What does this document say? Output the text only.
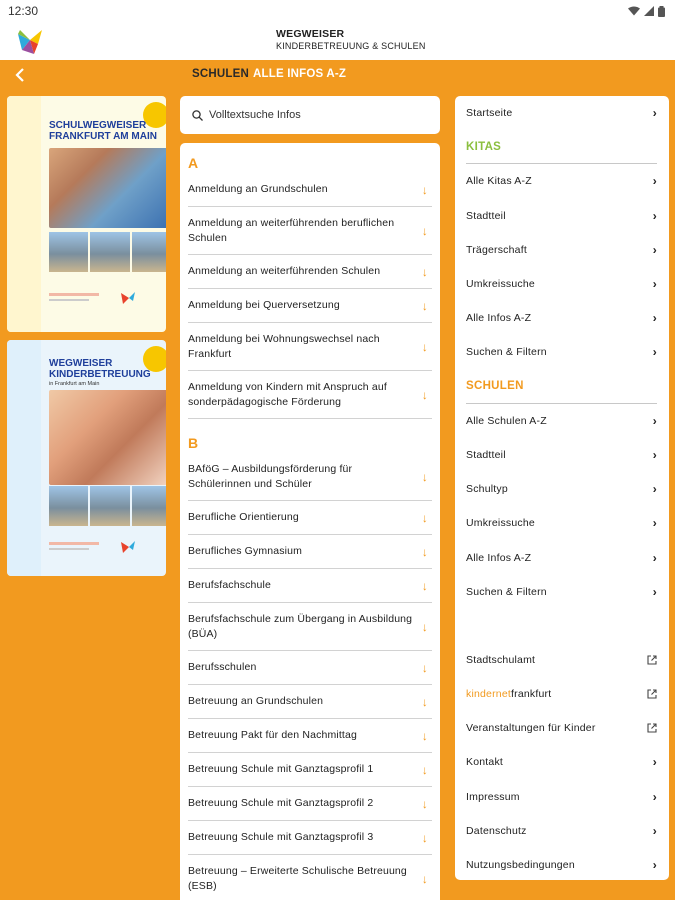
12:30
WEGWEISER
KINDERBETREUUNG & SCHULEN
SCHULEN ALLE INFOS A-Z
SCHULWEGWEISER
FRANKFURT AM MAIN
WEGWEISER
KINDERBETREUUNG
in Frankfurt am Main
Volltextsuche Infos
A
Anmeldung an Grundschulen	↓
Anmeldung an weiterführenden beruflichen Schulen	↓
Anmeldung an weiterführenden Schulen	↓
Anmeldung bei Querversetzung	↓
Anmeldung bei Wohnungswechsel nach Frankfurt	↓
Anmeldung von Kindern mit Anspruch auf sonderpädagogische Förderung	↓
B
BAföG – Ausbildungsförderung für Schülerinnen und Schüler	↓
Berufliche Orientierung	↓
Berufliches Gymnasium	↓
Berufsfachschule	↓
Berufsfachschule zum Übergang in Ausbildung (BÜA)	↓
Berufsschulen	↓
Betreuung an Grundschulen	↓
Betreuung Pakt für den Nachmittag	↓
Betreuung Schule mit Ganztagsprofil 1	↓
Betreuung Schule mit Ganztagsprofil 2	↓
Betreuung Schule mit Ganztagsprofil 3	↓
Betreuung – Erweiterte Schulische Betreuung (ESB)	↓
Startseite	›
KITAS
Alle Kitas A-Z	›
Stadtteil	›
Trägerschaft	›
Umkreissuche	›
Alle Infos A-Z	›
Suchen & Filtern	›
SCHULEN
Alle Schulen A-Z	›
Stadtteil	›
Schultyp	›
Umkreissuche	›
Alle Infos A-Z	›
Suchen & Filtern	›
Stadtschulamt
kindernetfrankfurt
Veranstaltungen für Kinder
Kontakt	›
Impressum	›
Datenschutz	›
Nutzungsbedingungen	›
